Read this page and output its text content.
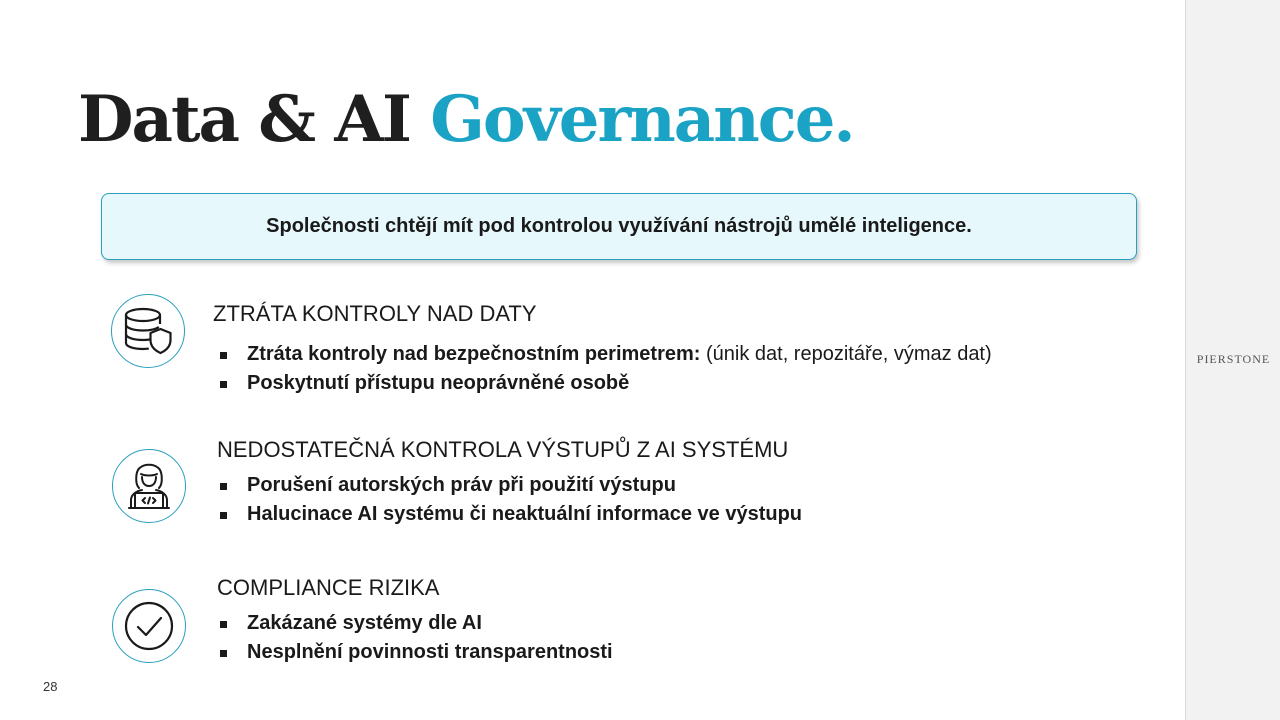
Data & AI Governance.
Společnosti chtějí mít pod kontrolou využívání nástrojů umělé inteligence.
ZTRÁTA KONTROLY NAD DATY
Ztráta kontroly nad bezpečnostním perimetrem: (únik dat, repozitáře, výmaz dat)
Poskytnutí přístupu neoprávněné osobě
NEDOSTATEČNÁ KONTROLA VÝSTUPŮ Z AI SYSTÉMU
Porušení autorských práv při použití výstupu
Halucinace AI systému či neaktuální informace ve výstupu
COMPLIANCE RIZIKA
Zakázané systémy dle AI
Nesplnění povinnosti transparentnosti
28
PIERSTONE
